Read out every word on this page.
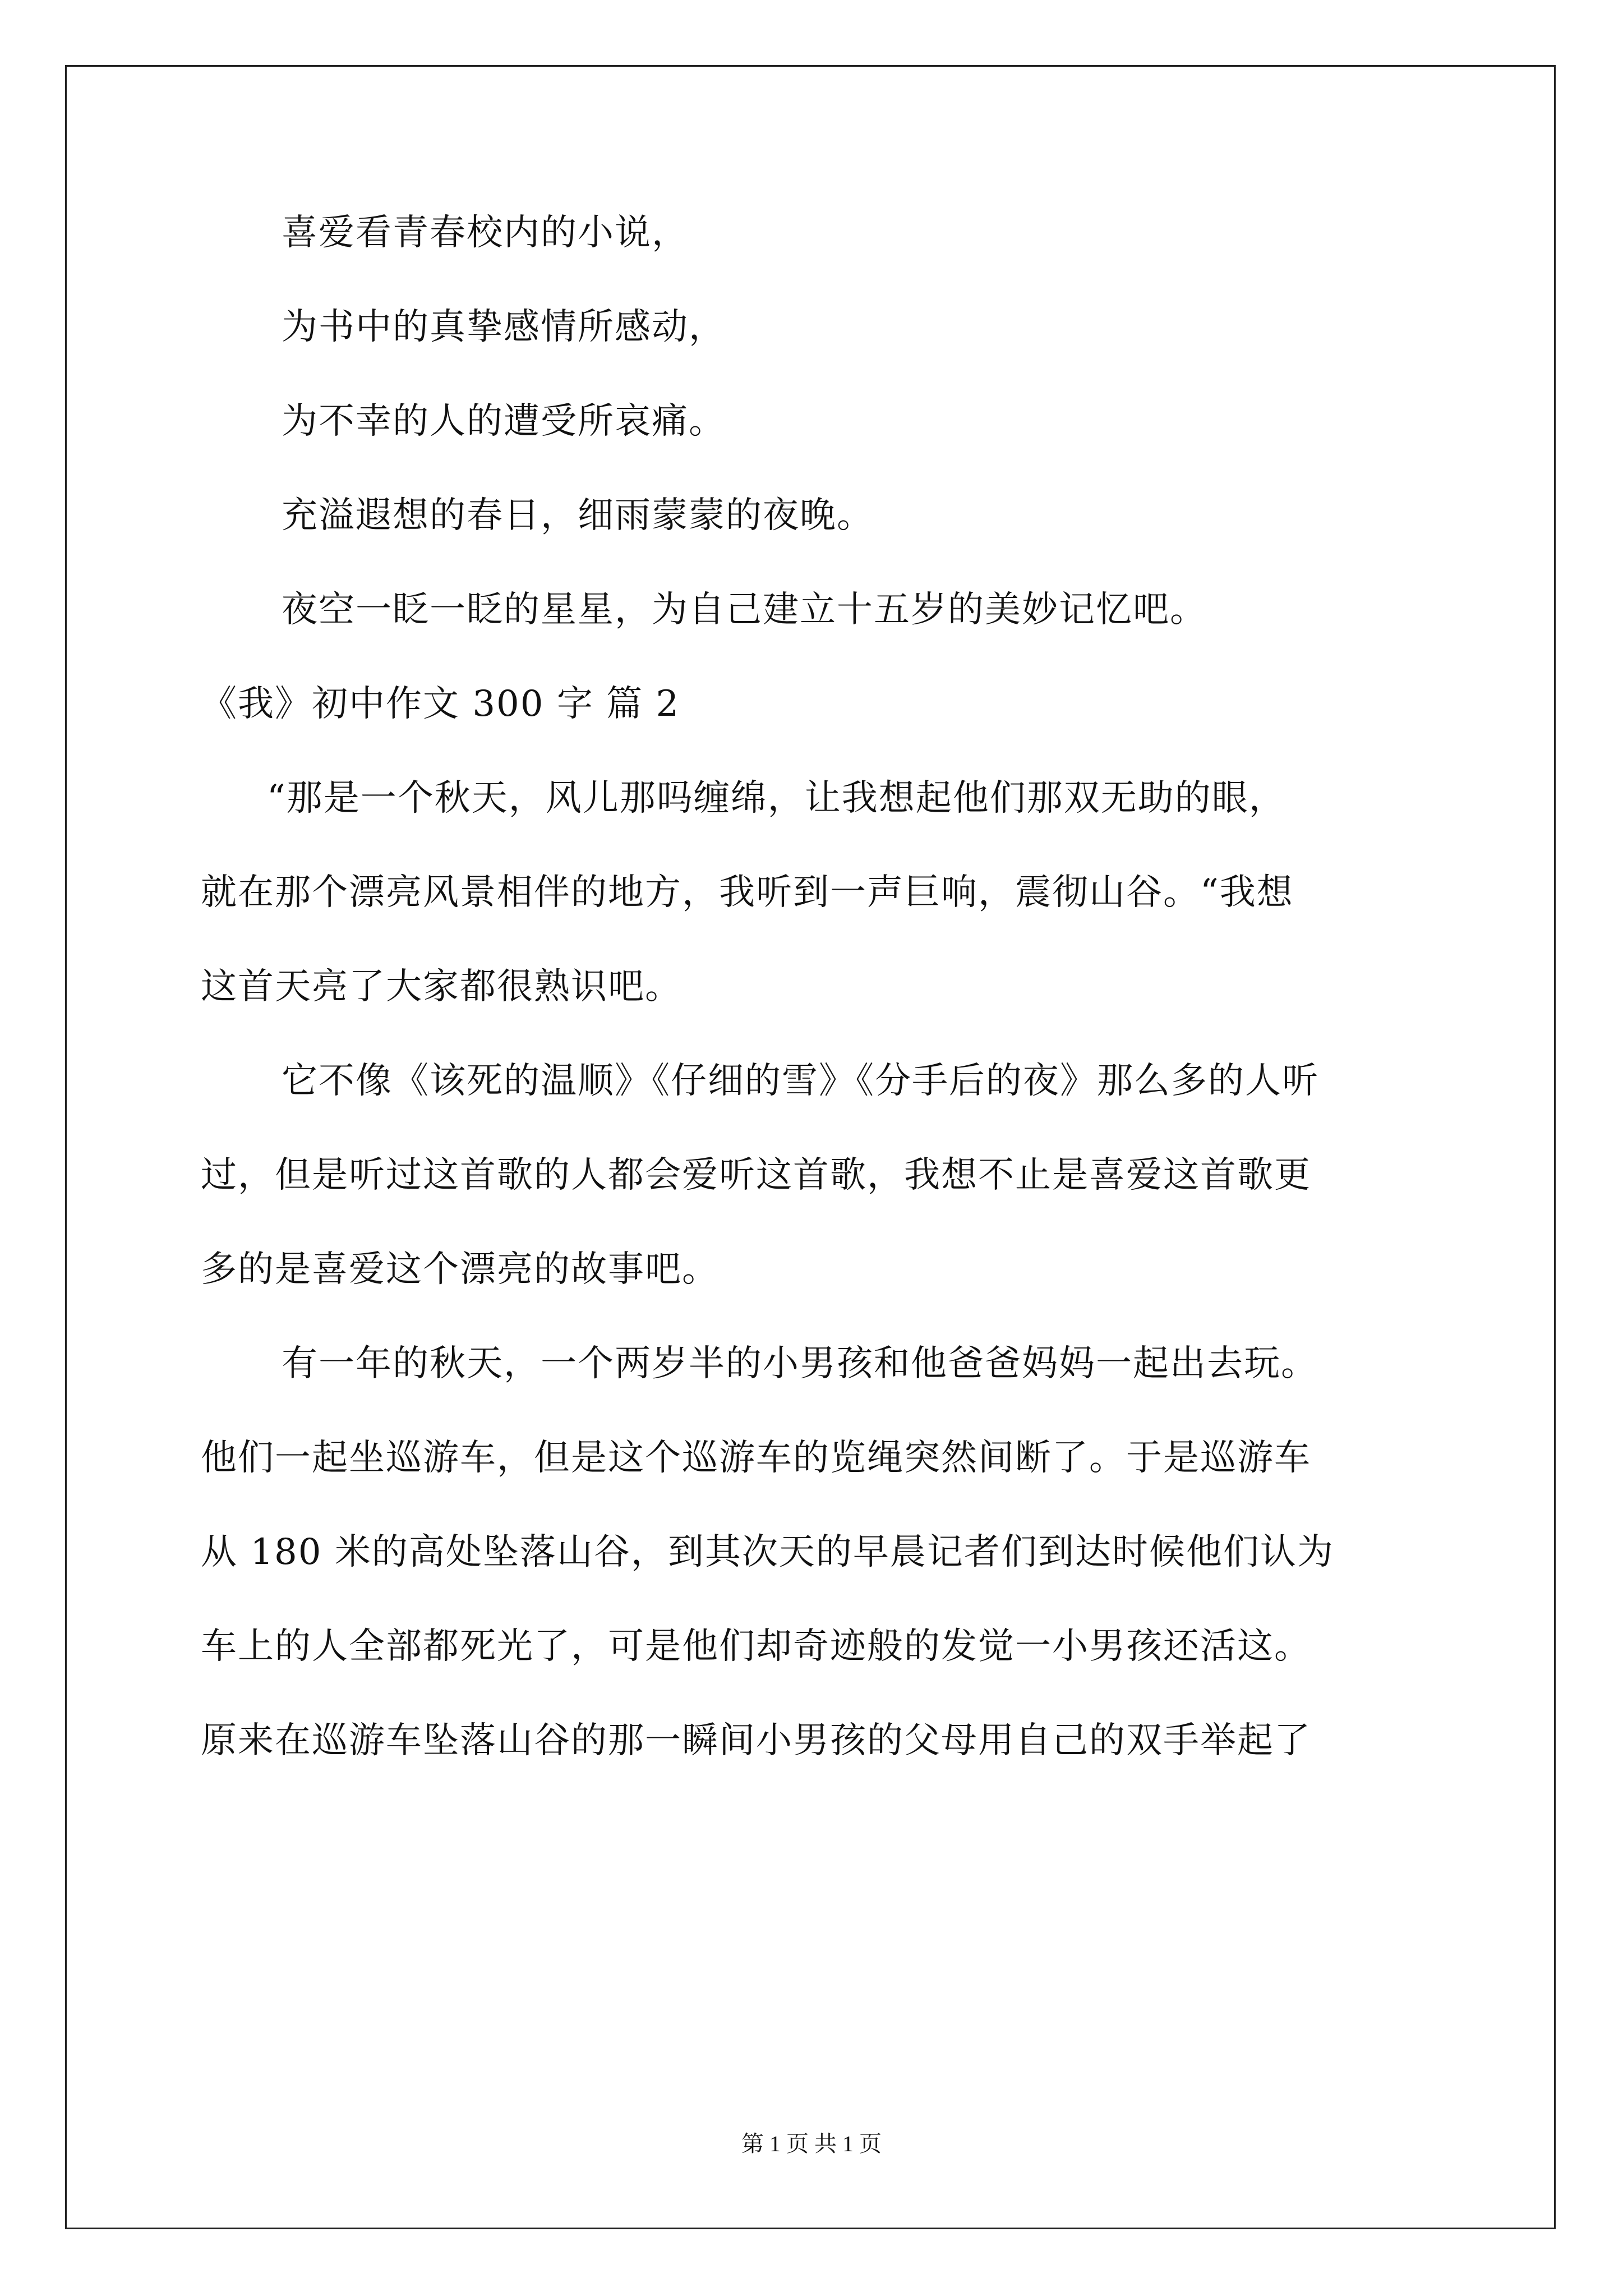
喜爱看青春校内的小说，
为书中的真挚感情所感动，
为不幸的人的遭受所哀痛。
充溢遐想的春日，细雨蒙蒙的夜晚。
夜空一眨一眨的星星，为自己建立十五岁的美妙记忆吧。
《我》初中作文 300 字 篇 2
“那是一个秋天，风儿那吗缠绵，让我想起他们那双无助的眼，
就在那个漂亮风景相伴的地方，我听到一声巨响，震彻山谷。“我想
这首天亮了大家都很熟识吧。
它不像《该死的温顺》《仔细的雪》《分手后的夜》那么多的人听
过，但是听过这首歌的人都会爱听这首歌，我想不止是喜爱这首歌更
多的是喜爱这个漂亮的故事吧。
有一年的秋天，一个两岁半的小男孩和他爸爸妈妈一起出去玩。
他们一起坐巡游车，但是这个巡游车的览绳突然间断了。于是巡游车
从 180 米的高处坠落山谷，到其次天的早晨记者们到达时候他们认为
车上的人全部都死光了，可是他们却奇迹般的发觉一小男孩还活这。
原来在巡游车坠落山谷的那一瞬间小男孩的父母用自己的双手举起了
第 1 页 共 1 页
